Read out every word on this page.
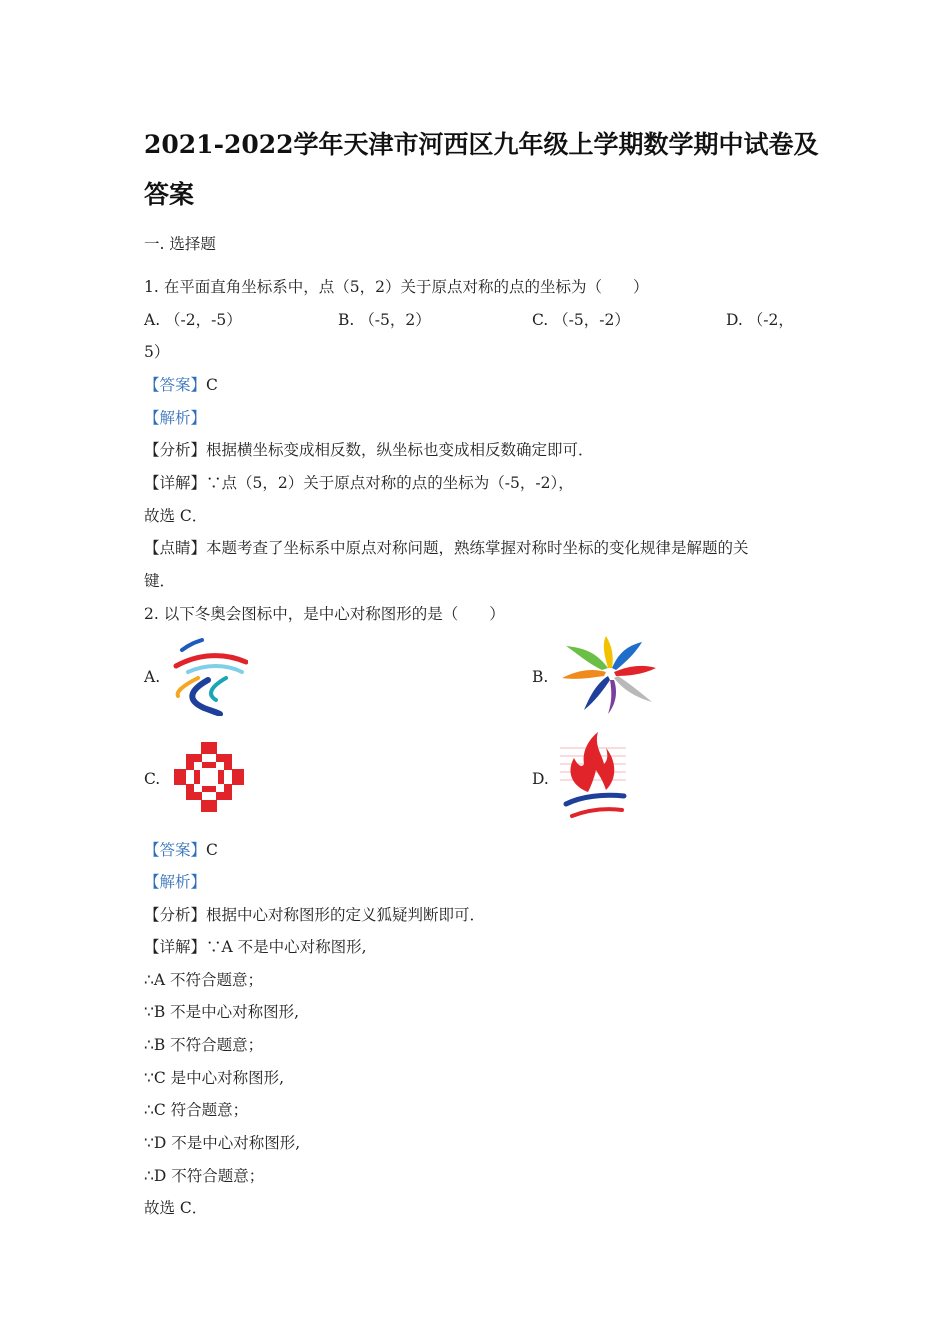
2021-2022学年天津市河西区九年级上学期数学期中试卷及答案
一. 选择题
1. 在平面直角坐标系中，点（5，2）关于原点对称的点的坐标为（　　）
A. （-2，-5）	B. （-5，2）	C. （-5，-2）	D. （-2，
5）
【答案】C
【解析】
【分析】根据横坐标变成相反数，纵坐标也变成相反数确定即可．
【详解】∵点（5，2）关于原点对称的点的坐标为（-5，-2），
故选 C．
【点睛】本题考查了坐标系中原点对称问题，熟练掌握对称时坐标的变化规律是解题的关
键．
2. 以下冬奥会图标中，是中心对称图形的是（　　）
A.	B.
C.	D.
【答案】C
【解析】
【分析】根据中心对称图形的定义狐疑判断即可．
【详解】∵A 不是中心对称图形,
∴A 不符合题意；
∵B 不是中心对称图形,
∴B 不符合题意；
∵C 是中心对称图形,
∴C 符合题意；
∵D 不是中心对称图形,
∴D 不符合题意；
故选 C．
